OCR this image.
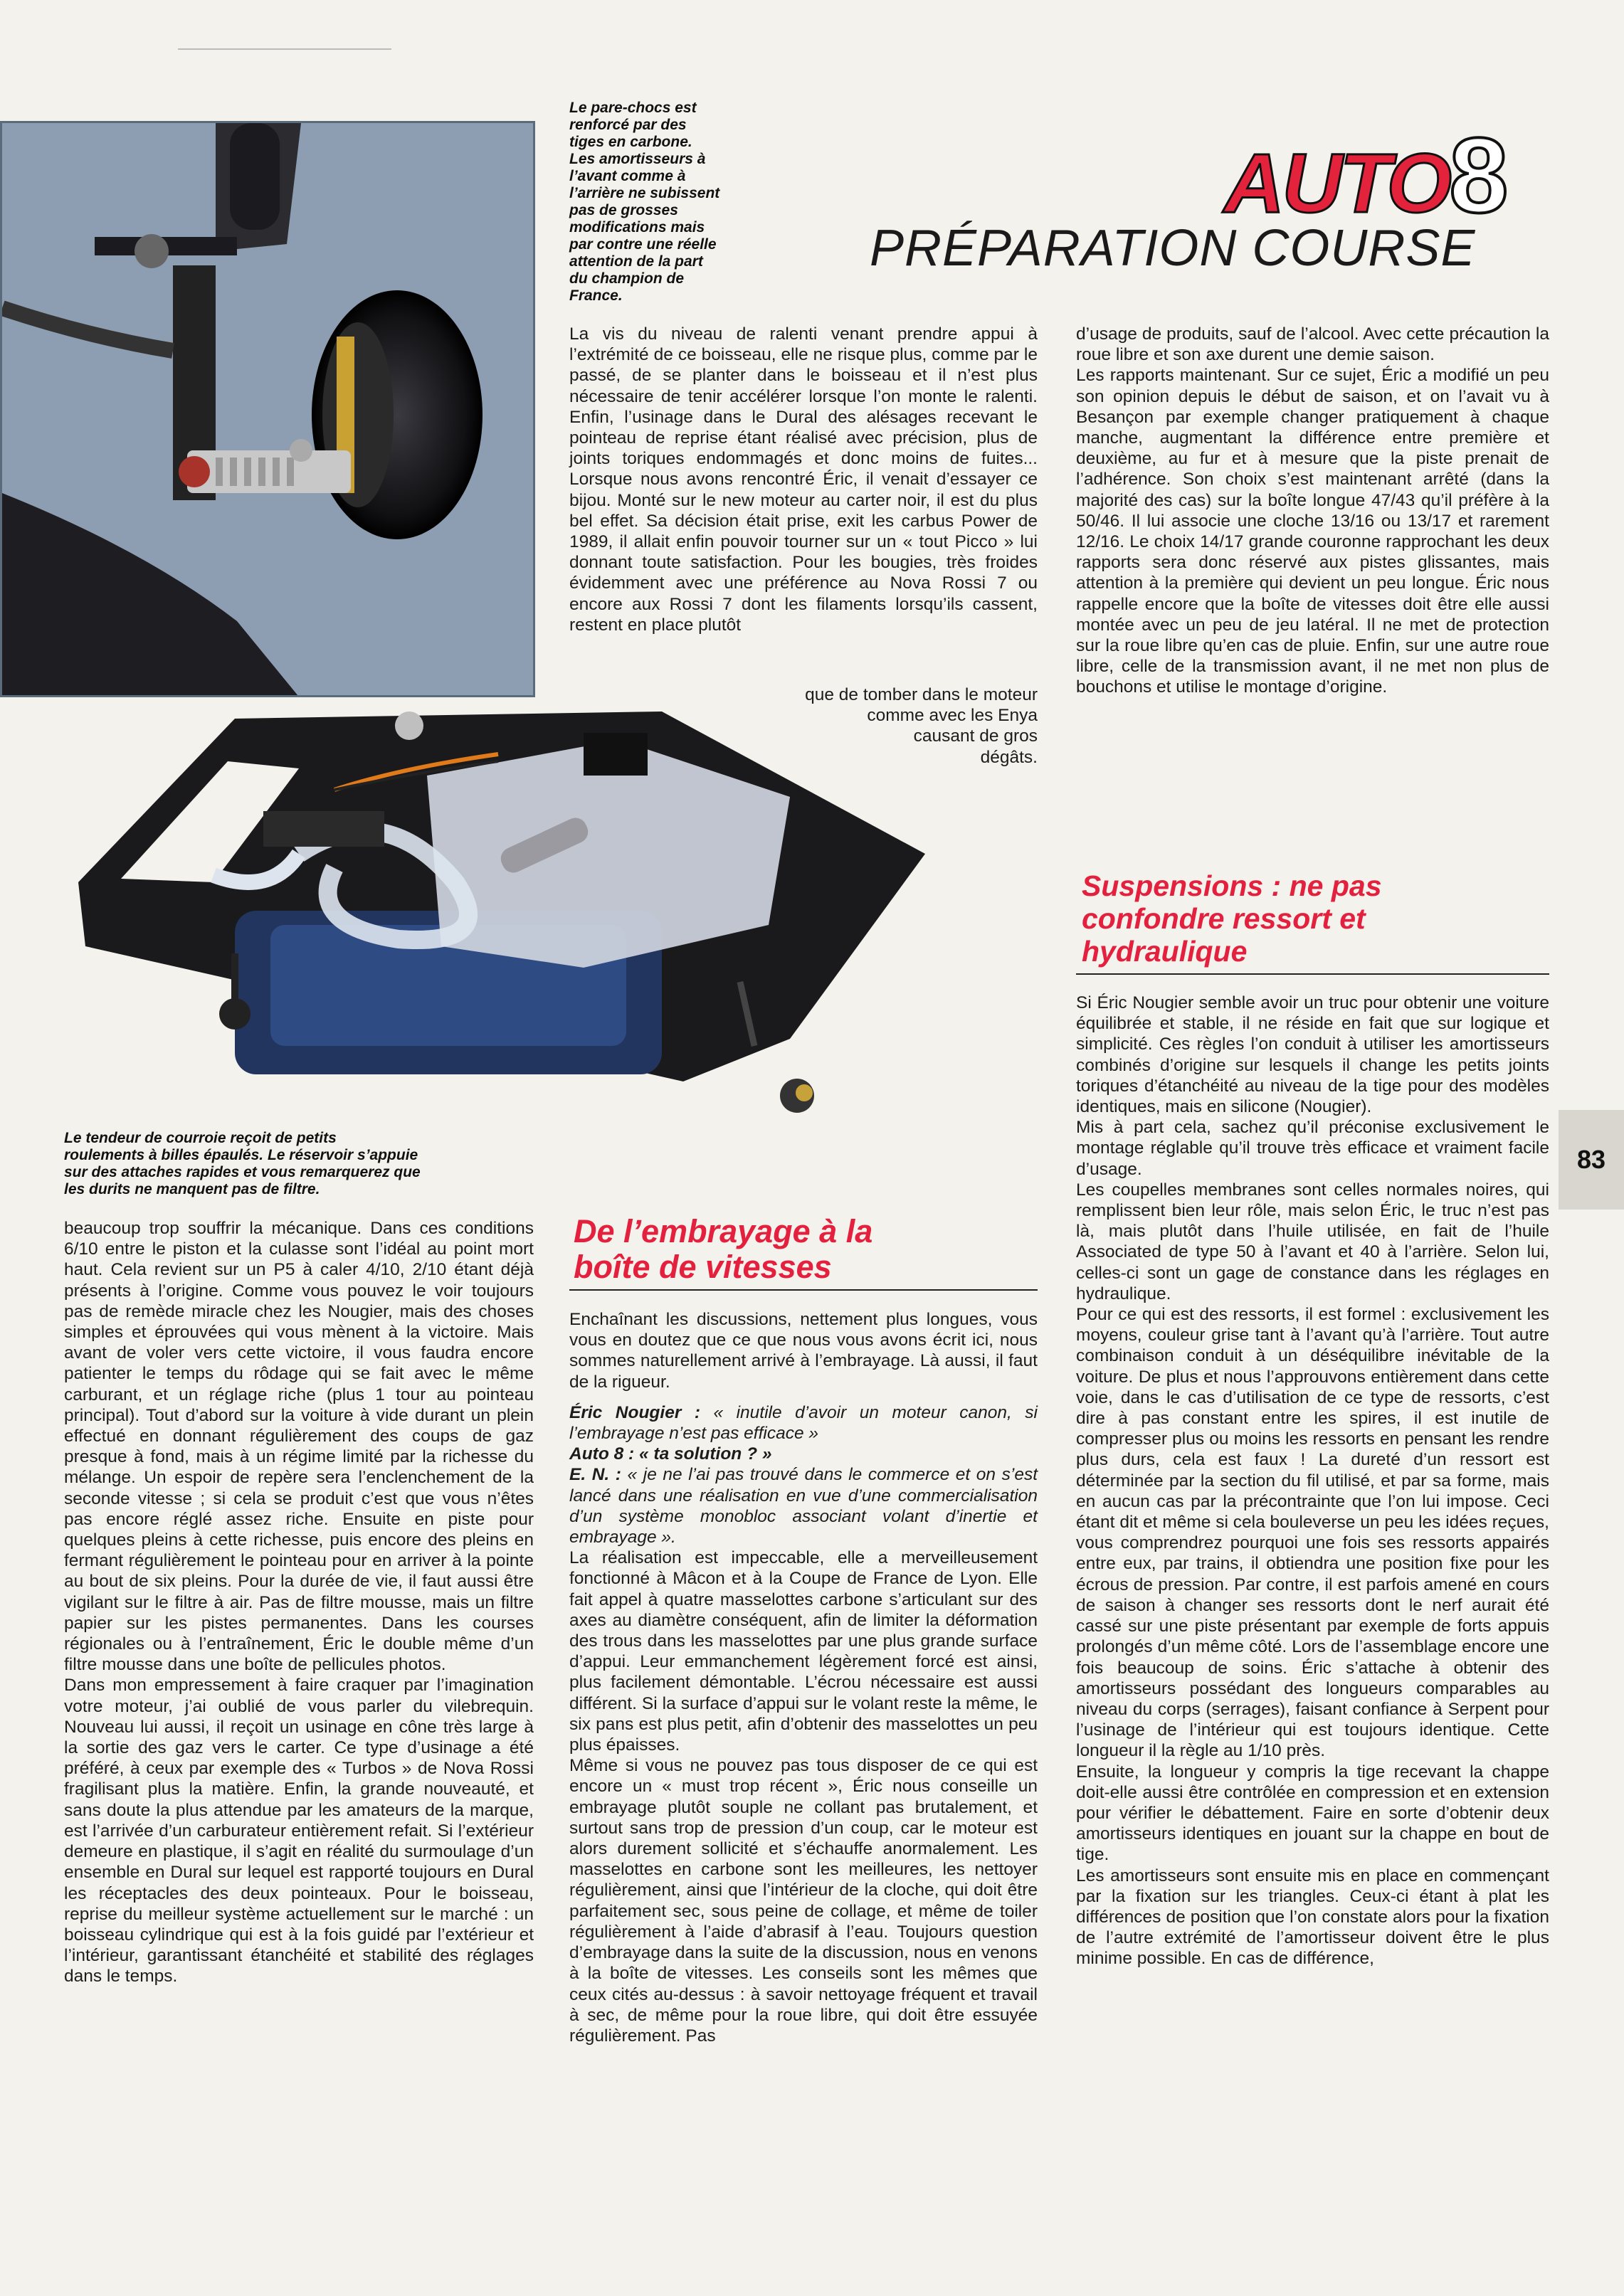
AUTO8
PRÉPARATION COURSE
Le pare-chocs est
renforcé par des
tiges en carbone.
Les amortisseurs à
l’avant comme à
l’arrière ne subissent
pas de grosses
modifications mais
par contre une réelle
attention de la part
du champion de
France.

La vis du niveau de ralenti venant prendre appui à l’extrémité de ce boisseau, elle ne risque plus, comme par le passé, de se planter dans le boisseau et il n’est plus nécessaire de tenir accélérer lorsque l’on monte le ralenti. Enfin, l’usinage dans le Dural des alésages recevant le pointeau de reprise étant réalisé avec précision, plus de joints toriques endommagés et donc moins de fuites... Lorsque nous avons rencontré Éric, il venait d’essayer ce bijou. Monté sur le new moteur au carter noir, il est du plus bel effet. Sa décision était prise, exit les carbus Power de 1989, il allait enfin pouvoir tourner sur un « tout Picco » lui donnant toute satisfaction. Pour les bougies, très froides évidemment avec une préférence au Nova Rossi 7 ou encore aux Rossi 7 dont les filaments lorsqu’ils cassent, restent en place plutôt

que de tomber dans le moteur
comme avec les Enya
causant de gros
dégâts.

d’usage de produits, sauf de l’alcool. Avec cette précaution la roue libre et son axe durent une demie saison.

Les rapports maintenant. Sur ce sujet, Éric a modifié un peu son opinion depuis le début de saison, et on l’avait vu à Besançon par exemple changer pratiquement à chaque manche, augmentant la différence entre première et deuxième, au fur et à mesure que la piste prenait de l’adhérence. Son choix s’est maintenant arrêté (dans la majorité des cas) sur la boîte longue 47/43 qu’il préfère à la 50/46. Il lui associe une cloche 13/16 ou 13/17 et rarement 12/16. Le choix 14/17 grande couronne rapprochant les deux rapports sera donc réservé aux pistes glissantes, mais attention à la première qui devient un peu longue. Éric nous rappelle encore que la boîte de vitesses doit être elle aussi montée avec un peu de jeu latéral. Il ne met de protection sur la roue libre qu’en cas de pluie. Enfin, sur une autre roue libre, celle de la transmission avant, il ne met non plus de bouchons et utilise le montage d’origine.

Suspensions : ne pas
confondre ressort et
hydraulique

Si Éric Nougier semble avoir un truc pour obtenir une voiture équilibrée et stable, il ne réside en fait que sur logique et simplicité. Ces règles l’on conduit à utiliser les amortisseurs combinés d’origine sur lesquels il change les petits joints toriques d’étanchéité au niveau de la tige pour des modèles identiques, mais en silicone (Nougier).

Mis à part cela, sachez qu’il préconise exclusivement le montage réglable qu’il trouve très efficace et vraiment facile d’usage.

Les coupelles membranes sont celles normales noires, qui remplissent bien leur rôle, mais selon Éric, le truc n’est pas là, mais plutôt dans l’huile utilisée, en fait de l’huile Associated de type 50 à l’avant et 40 à l’arrière. Selon lui, celles-ci sont un gage de constance dans les réglages en hydraulique.

Pour ce qui est des ressorts, il est formel : exclusivement les moyens, couleur grise tant à l’avant qu’à l’arrière. Tout autre combinaison conduit à un déséquilibre inévitable de la voiture. De plus et nous l’approuvons entièrement dans cette voie, dans le cas d’utilisation de ce type de ressorts, c’est dire à pas constant entre les spires, il est inutile de compresser plus ou moins les ressorts en pensant les rendre plus durs, cela est faux ! La dureté d’un ressort est déterminée par la section du fil utilisé, et par sa forme, mais en aucun cas par la précontrainte que l’on lui impose. Ceci étant dit et même si cela bouleverse un peu les idées reçues, vous comprendrez pourquoi une fois ses ressorts appairés entre eux, par trains, il obtiendra une position fixe pour les écrous de pression. Par contre, il est parfois amené en cours de saison à changer ses ressorts dont le nerf aurait été cassé sur une piste présentant par exemple de forts appuis prolongés d’un même côté. Lors de l’assemblage encore une fois beaucoup de soins. Éric s’attache à obtenir des amortisseurs possédant des longueurs comparables au niveau du corps (serrages), faisant confiance à Serpent pour l’usinage de l’intérieur qui est toujours identique. Cette longueur il la règle au 1/10 près.

Ensuite, la longueur y compris la tige recevant la chappe doit-elle aussi être contrôlée en compression et en extension pour vérifier le débattement. Faire en sorte d’obtenir deux amortisseurs identiques en jouant sur la chappe en bout de tige.

Les amortisseurs sont ensuite mis en place en commençant par la fixation sur les triangles. Ceux-ci étant à plat les différences de position que l’on constate alors pour la fixation de l’autre extrémité de l’amortisseur doivent être le plus minime possible. En cas de différence,

Le tendeur de courroie reçoit de petits
roulements à billes épaulés. Le réservoir s’appuie
sur des attaches rapides et vous remarquerez que
les durits ne manquent pas de filtre.

beaucoup trop souffrir la mécanique. Dans ces conditions 6/10 entre le piston et la culasse sont l’idéal au point mort haut. Cela revient sur un P5 à caler 4/10, 2/10 étant déjà présents à l’origine. Comme vous pouvez le voir toujours pas de remède miracle chez les Nougier, mais des choses simples et éprouvées qui vous mènent à la victoire. Mais avant de voler vers cette victoire, il vous faudra encore patienter le temps du rôdage qui se fait avec le même carburant, et un réglage riche (plus 1 tour au pointeau principal). Tout d’abord sur la voiture à vide durant un plein effectué en donnant régulièrement des coups de gaz presque à fond, mais à un régime limité par la richesse du mélange. Un espoir de repère sera l’enclenchement de la seconde vitesse ; si cela se produit c’est que vous n’êtes pas encore réglé assez riche. Ensuite en piste pour quelques pleins à cette richesse, puis encore des pleins en fermant régulièrement le pointeau pour en arriver à la pointe au bout de six pleins. Pour la durée de vie, il faut aussi être vigilant sur le filtre à air. Pas de filtre mousse, mais un filtre papier sur les pistes permanentes. Dans les courses régionales ou à l’entraînement, Éric le double même d’un filtre mousse dans une boîte de pellicules photos.

Dans mon empressement à faire craquer par l’imagination votre moteur, j’ai oublié de vous parler du vilebrequin. Nouveau lui aussi, il reçoit un usinage en cône très large à la sortie des gaz vers le carter. Ce type d’usinage a été préféré, à ceux par exemple des « Turbos » de Nova Rossi fragilisant plus la matière. Enfin, la grande nouveauté, et sans doute la plus attendue par les amateurs de la marque, est l’arrivée d’un carburateur entièrement refait. Si l’extérieur demeure en plastique, il s’agit en réalité du surmoulage d’un ensemble en Dural sur lequel est rapporté toujours en Dural les réceptacles des deux pointeaux. Pour le boisseau, reprise du meilleur système actuellement sur le marché : un boisseau cylindrique qui est à la fois guidé par l’extérieur et l’intérieur, garantissant étanchéité et stabilité des réglages dans le temps.

De l’embrayage à la
boîte de vitesses

Enchaînant les discussions, nettement plus longues, vous vous en doutez que ce que nous vous avons écrit ici, nous sommes naturellement arrivé à l’embrayage. Là aussi, il faut de la rigueur.

Éric Nougier : « inutile d’avoir un moteur canon, si l’embrayage n’est pas efficace »

Auto 8 : « ta solution ? »

E. N. : « je ne l’ai pas trouvé dans le commerce et on s’est lancé dans une réalisation en vue d’une commercialisation d’un système monobloc associant volant d’inertie et embrayage ».

La réalisation est impeccable, elle a merveilleusement fonctionné à Mâcon et à la Coupe de France de Lyon. Elle fait appel à quatre masselottes carbone s’articulant sur des axes au diamètre conséquent, afin de limiter la déformation des trous dans les masselottes par une plus grande surface d’appui. Leur emmanchement légèrement forcé est ainsi, plus facilement démontable. L’écrou nécessaire est aussi différent. Si la surface d’appui sur le volant reste la même, le six pans est plus petit, afin d’obtenir des masselottes un peu plus épaisses.

Même si vous ne pouvez pas tous disposer de ce qui est encore un « must trop récent », Éric nous conseille un embrayage plutôt souple ne collant pas brutalement, et surtout sans trop de pression d’un coup, car le moteur est alors durement sollicité et s’échauffe anormalement. Les masselottes en carbone sont les meilleures, les nettoyer régulièrement, ainsi que l’intérieur de la cloche, qui doit être parfaitement sec, sous peine de collage, et même de toiler régulièrement à l’aide d’abrasif à l’eau. Toujours question d’embrayage dans la suite de la discussion, nous en venons à la boîte de vitesses. Les conseils sont les mêmes que ceux cités au-dessus : à savoir nettoyage fréquent et travail à sec, de même pour la roue libre, qui doit être essuyée régulièrement. Pas

83
